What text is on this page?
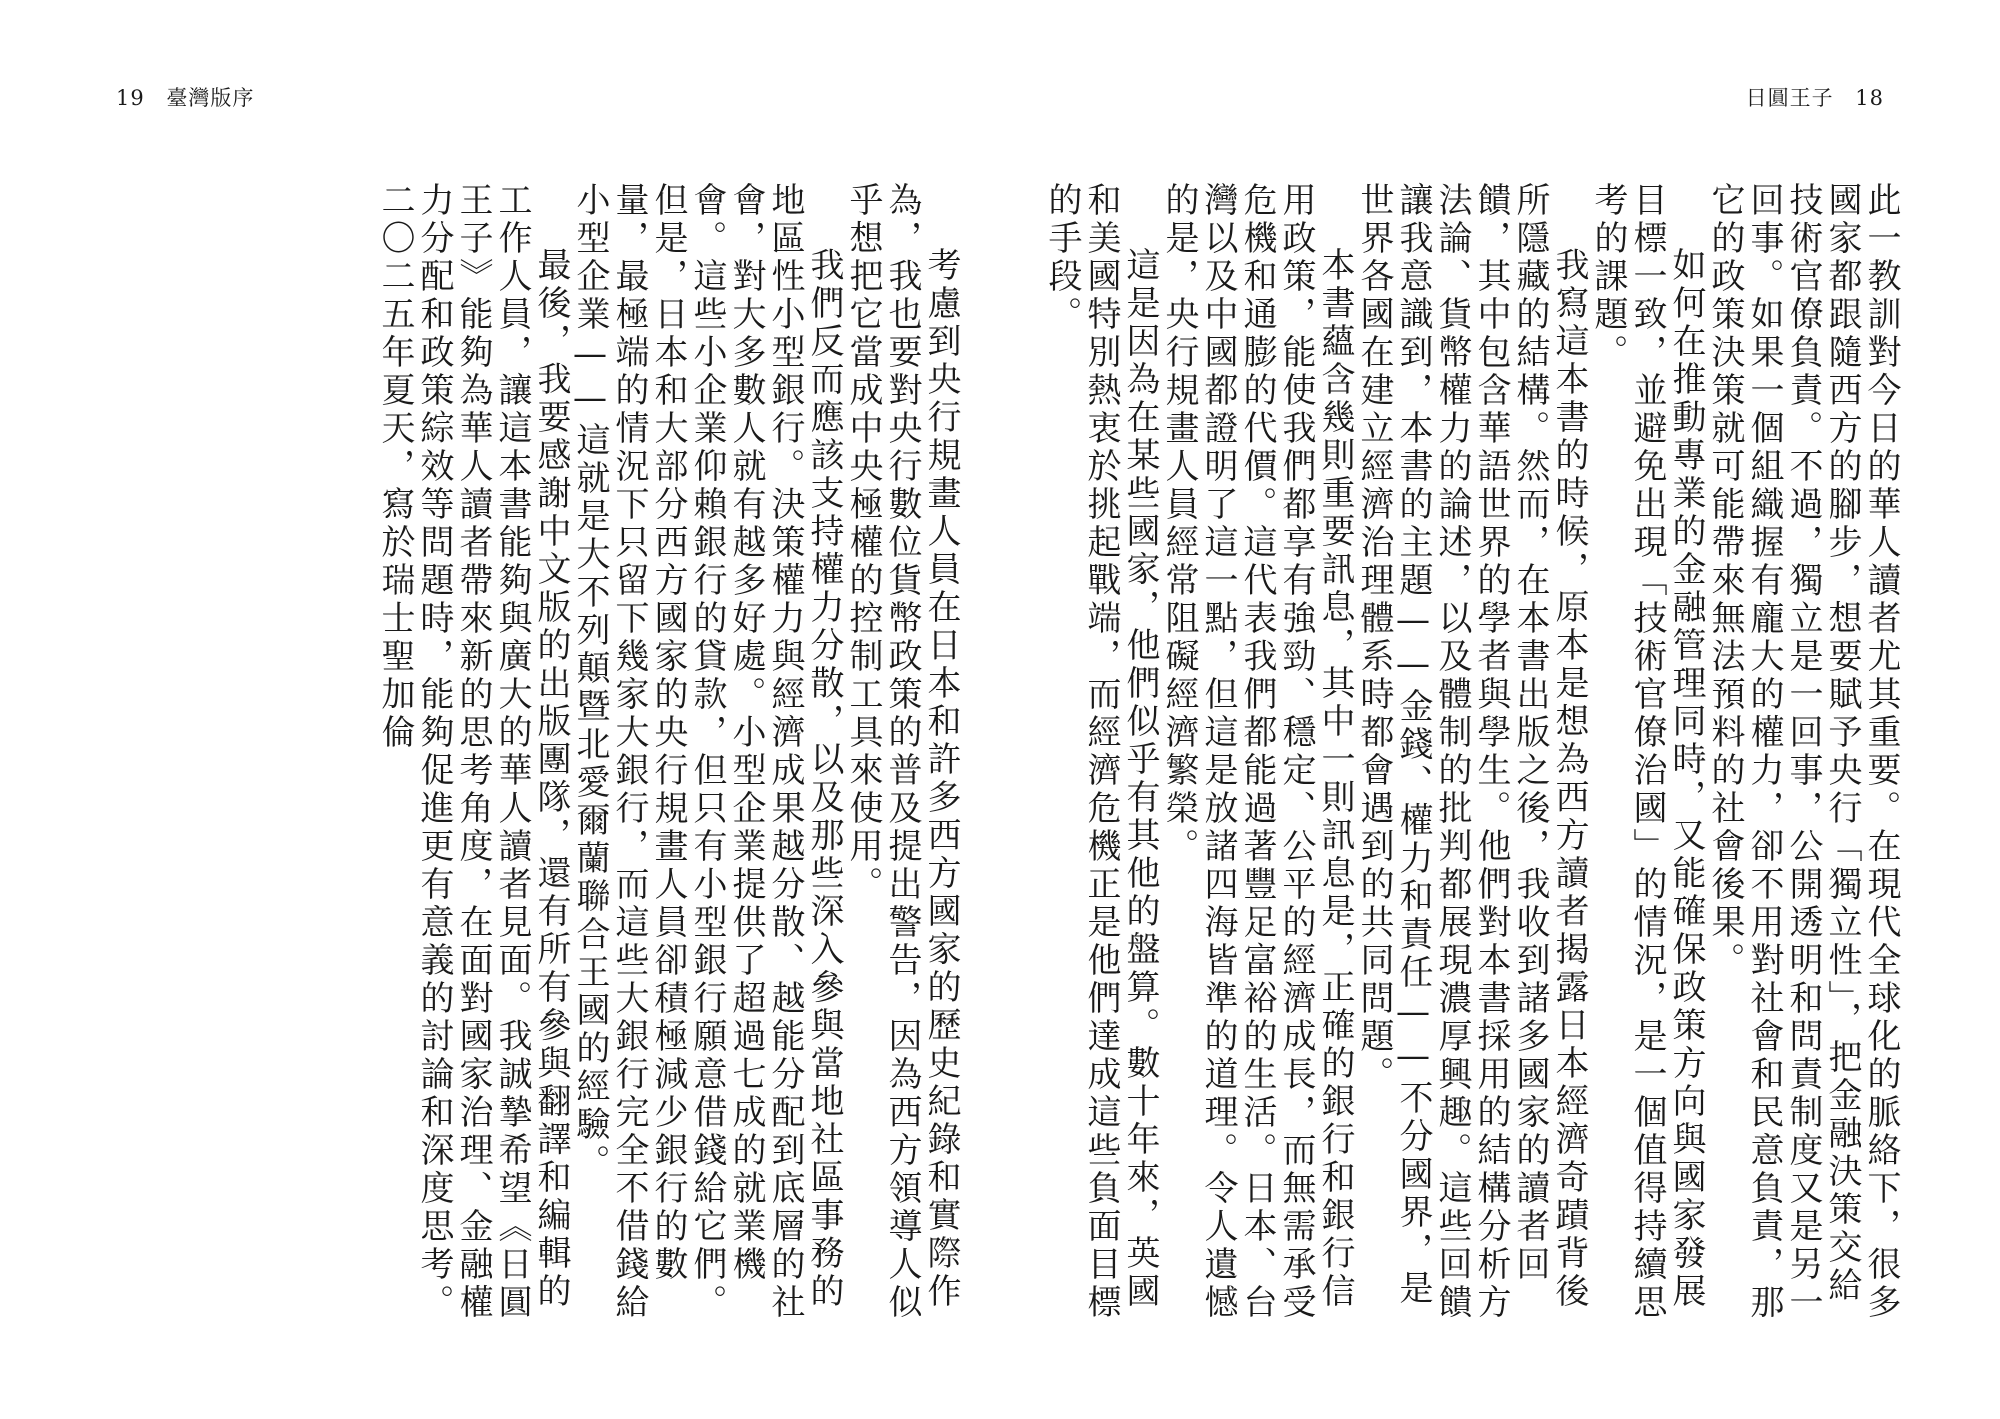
19 臺灣版序	日圓王子 18

此一教訓對今日的華人讀者尤其重要。在現代全球化的脈絡下，很多國家都跟隨西方的腳步，想要賦予央行「獨立性」，把金融決策交給技術官僚負責。不過，獨立是一回事，公開透明和問責制度又是另一回事。如果一個組織握有龐大的權力，卻不用對社會和民意負責，那它的政策決策就可能帶來無法預料的社會後果。

如何在推動專業的金融管理同時，又能確保政策方向與國家發展目標一致，並避免出現「技術官僚治國」的情況，是一個值得持續思考的課題。

我寫這本書的時候，原本是想為西方讀者揭露日本經濟奇蹟背後所隱藏的結構。然而，在本書出版之後，我收到諸多國家的讀者回饋，其中包含華語世界的學者與學生。他們對本書採用的結構分析方法論、貨幣權力的論述，以及體制的批判都展現濃厚興趣。這些回饋讓我意識到，本書的主題——金錢、權力和責任——不分國界，是世界各國在建立經濟治理體系時都會遇到的共同問題。

本書蘊含幾則重要訊息，其中一則訊息是，正確的銀行和銀行信用政策，能使我們都享有強勁、穩定、公平的經濟成長，而無需承受危機和通膨的代價。這代表我們都能過著豐足富裕的生活。日本、台灣以及中國都證明了這一點，但這是放諸四海皆準的道理。令人遺憾的是，央行規畫人員經常阻礙經濟繁榮。

這是因為在某些國家，他們似乎有其他的盤算。數十年來，英國和美國特別熱衷於挑起戰端，而經濟危機正是他們達成這些負面目標的手段。

考慮到央行規畫人員在日本和許多西方國家的歷史紀錄和實際作為，我也要對央行數位貨幣政策的普及提出警告，因為西方領導人似乎想把它當成中央極權的控制工具來使用。

我們反而應該支持權力分散，以及那些深入參與當地社區事務的地區性小型銀行。決策權力與經濟成果越分散、越能分配到底層的社會，對大多數人就有越多好處。小型企業提供了超過七成的就業機會。這些小企業仰賴銀行的貸款，但只有小型銀行願意借錢給它們。但是，日本和大部分西方國家的央行規畫人員卻積極減少銀行的數量，最極端的情況下只留下幾家大銀行，而這些大銀行完全不借錢給小型企業——這就是大不列顛暨北愛爾蘭聯合王國的經驗。

最後，我要感謝中文版的出版團隊，還有所有參與翻譯和編輯的工作人員，讓這本書能夠與廣大的華人讀者見面。我誠摯希望《日圓王子》能夠為華人讀者帶來新的思考角度，在面對國家治理、金融權力分配和政策綜效等問題時，能夠促進更有意義的討論和深度思考。

二〇二五年夏天，寫於瑞士聖加倫
